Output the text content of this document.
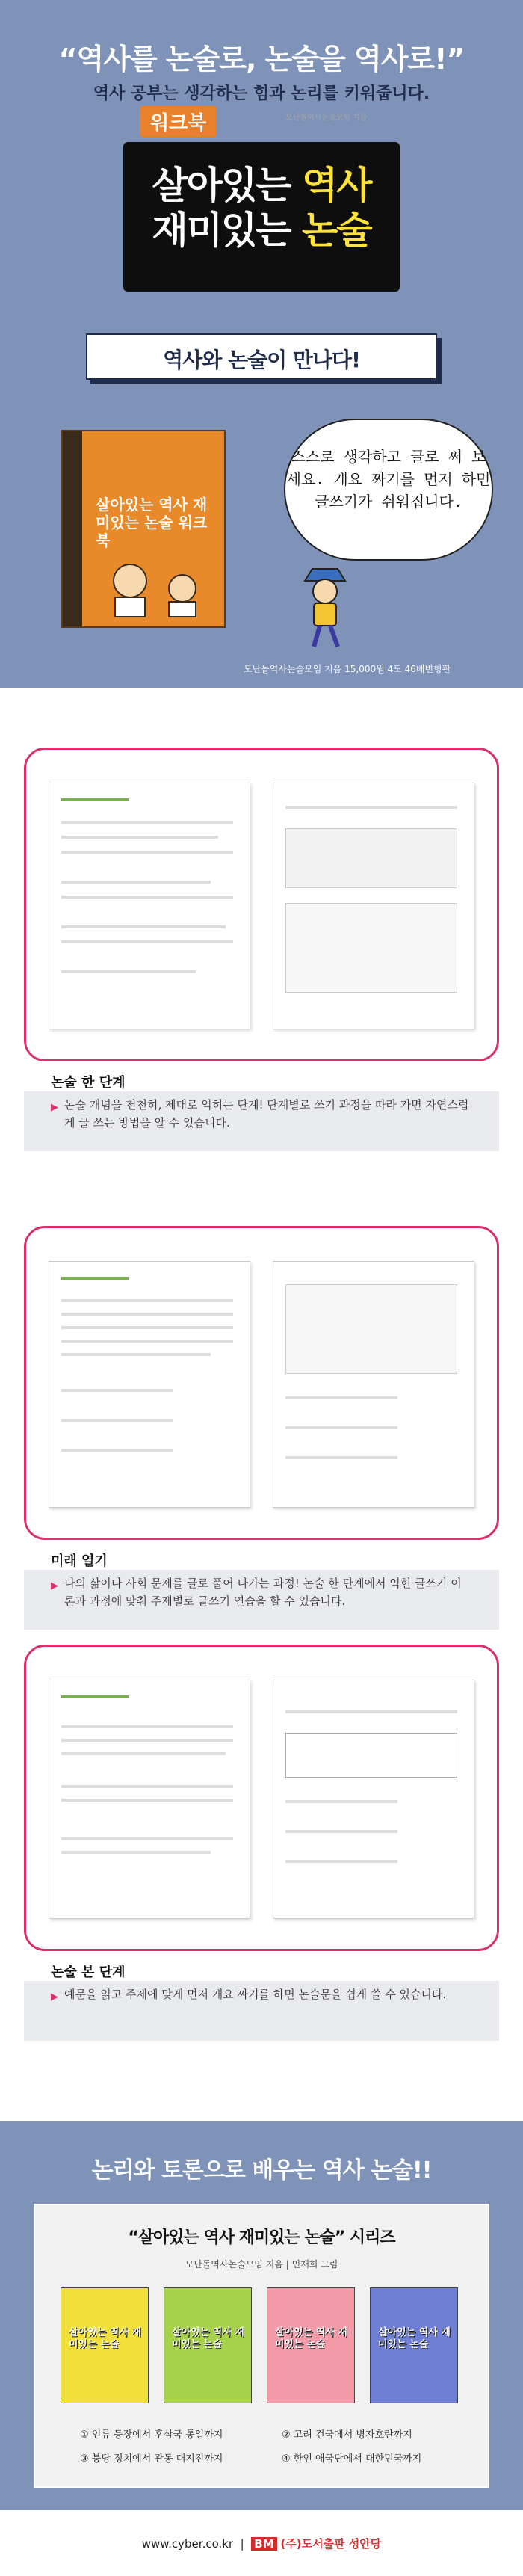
“역사를 논술로, 논술을 역사로!”
역사 공부는 생각하는 힘과 논리를 키워줍니다.
워크북	모난돌역사논술모임 지음
살아있는 역사
재미있는 논술
역사와 논술이 만나다!
살아있는 역사 재미있는 논술 워크북
스스로 생각하고 글로 써 보세요. 개요 짜기를 먼저 하면 글쓰기가 쉬워집니다.
모난돌역사논술모임 지음 15,000원 4도 46배변형판
논술 한 단계
▶ 논술 개념을 천천히, 제대로 익히는 단계! 단계별로 쓰기 과정을 따라 가면 자연스럽게 글 쓰는 방법을 알 수 있습니다.
미래 열기
▶ 나의 삶이나 사회 문제를 글로 풀어 나가는 과정! 논술 한 단계에서 익힌 글쓰기 이론과 과정에 맞춰 주제별로 글쓰기 연습을 할 수 있습니다.
논술 본 단계
▶ 예문을 읽고 주제에 맞게 먼저 개요 짜기를 하면 논술문을 쉽게 쓸 수 있습니다.
논리와 토론으로 배우는 역사 논술!!
“살아있는 역사 재미있는 논술” 시리즈
모난돌역사논술모임 지음 | 인재희 그림
살아있는 역사 재미있는 논술
살아있는 역사 재미있는 논술
살아있는 역사 재미있는 논술
살아있는 역사 재미있는 논술
① 인류 등장에서 후삼국 통일까지	② 고려 건국에서 병자호란까지
③ 붕당 정치에서 관동 대지진까지	④ 한인 애국단에서 대한민국까지
www.cyber.co.kr  |  BM (주)도서출판 성안당
